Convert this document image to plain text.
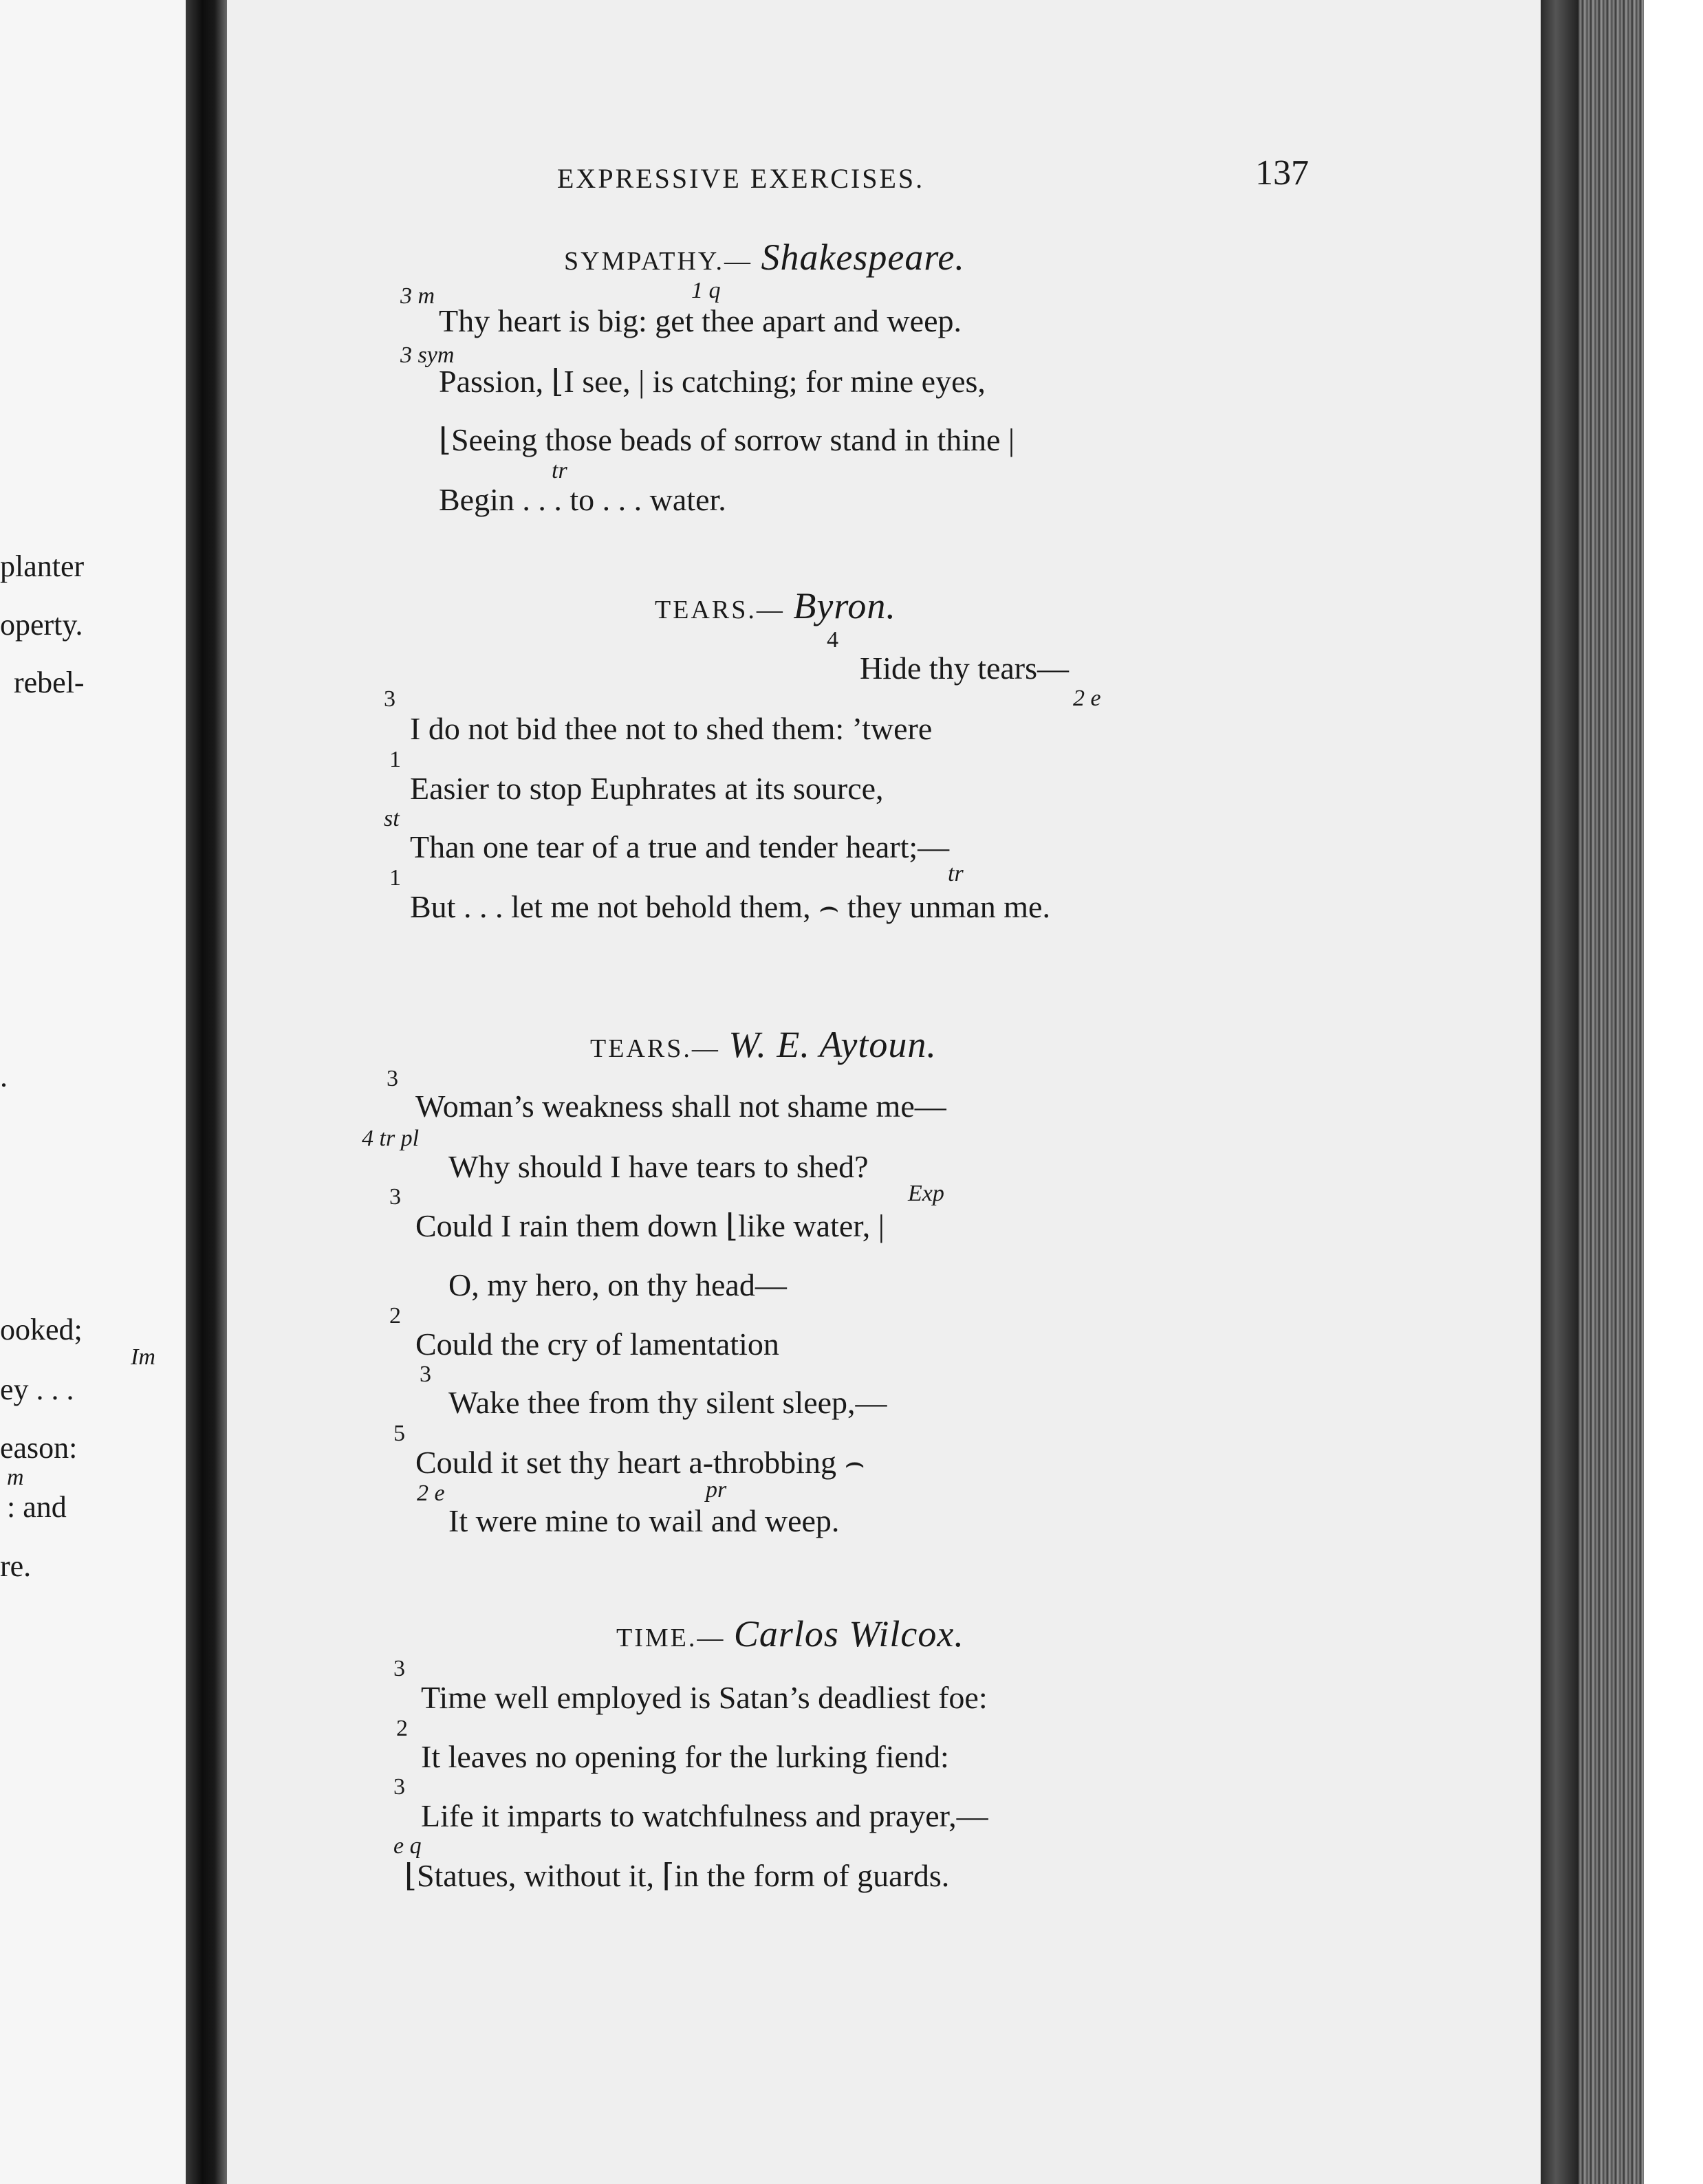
planter
operty.
rebel-
.
ooked;
Im
ey . . .
eason:
m
: and
re.
EXPRESSIVE EXERCISES.	137
SYMPATHY.— Shakespeare.
3 m	1 q
Thy heart is big: get thee apart and weep.
3 sym
Passion, ⌊I see, | is catching; for mine eyes,
⌊Seeing those beads of sorrow stand in thine |
tr
Begin . . . to . . . water.
TEARS.— Byron.
4
Hide thy tears—
3	2 e
I do not bid thee not to shed them: ’twere
1
Easier to stop Euphrates at its source,
st
Than one tear of a true and tender heart;—
1	tr
But . . . let me not behold them, ⌢ they unman me.
TEARS.— W. E. Aytoun.
3
Woman’s weakness shall not shame me—
4 tr pl
Why should I have tears to shed?
3	Exp
Could I rain them down ⌊like water, |
O, my hero, on thy head—
2
Could the cry of lamentation
3
Wake thee from thy silent sleep,—
5
Could it set thy heart a-throbbing ⌢
2 e	pr
It were mine to wail and weep.
TIME.— Carlos Wilcox.
3
Time well employed is Satan’s deadliest foe:
2
It leaves no opening for the lurking fiend:
3
Life it imparts to watchfulness and prayer,—
e q
⌊Statues, without it, ⌈in the form of guards.
